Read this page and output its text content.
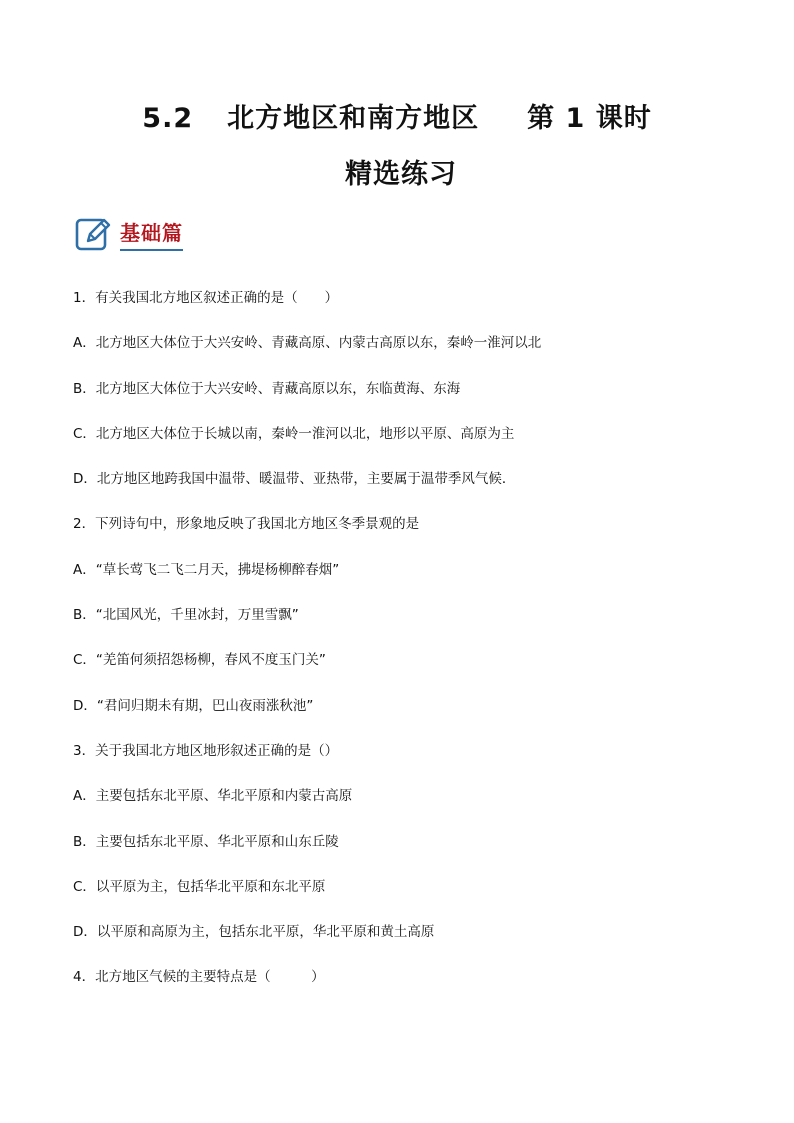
5.2 北方地区和南方地区 第 1 课时
精选练习
基础篇
1．有关我国北方地区叙述正确的是（　　）
A．北方地区大体位于大兴安岭、青藏高原、内蒙古高原以东，秦岭一淮河以北
B．北方地区大体位于大兴安岭、青藏高原以东，东临黄海、东海
C．北方地区大体位于长城以南，秦岭一淮河以北，地形以平原、高原为主
D．北方地区地跨我国中温带、暖温带、亚热带，主要属于温带季风气候．
2．下列诗句中，形象地反映了我国北方地区冬季景观的是
A．“草长莺飞二飞二月天，拂堤杨柳醉春烟”
B．“北国风光，千里冰封，万里雪飘”
C．“羌笛何须招怨杨柳，春风不度玉门关”
D．“君问归期未有期，巴山夜雨涨秋池”
3．关于我国北方地区地形叙述正确的是（）
A．主要包括东北平原、华北平原和内蒙古高原
B．主要包括东北平原、华北平原和山东丘陵
C．以平原为主，包括华北平原和东北平原
D．以平原和高原为主，包括东北平原，华北平原和黄土高原
4．北方地区气候的主要特点是（　　　）
